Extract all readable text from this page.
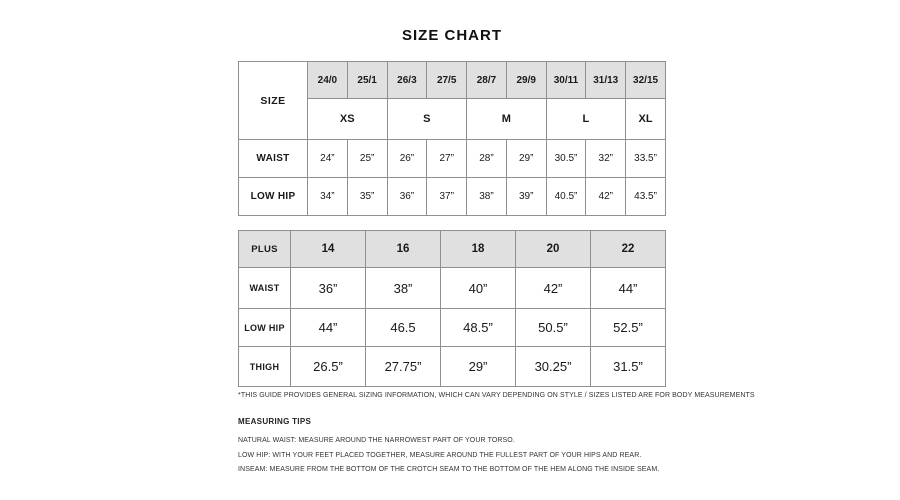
SIZE CHART
SIZE	24/0	25/1	26/3	27/5	28/7	29/9	30/11	31/13	32/15
	XS		S		M		L		XL
WAIST	24”	25”	26”	27”	28”	29”	30.5”	32”	33.5”
LOW HIP	34”	35”	36”	37”	38”	39”	40.5”	42”	43.5”
PLUS	14	16	18	20	22
WAIST	36”	38”	40”	42”	44”
LOW HIP	44”	46.5	48.5”	50.5”	52.5”
THIGH	26.5”	27.75”	29”	30.25”	31.5”
*THIS GUIDE PROVIDES GENERAL SIZING INFORMATION, WHICH CAN VARY DEPENDING ON STYLE / SIZES LISTED ARE FOR BODY MEASUREMENTS
MEASURING TIPS
NATURAL WAIST: MEASURE AROUND THE NARROWEST PART OF YOUR TORSO.
LOW HIP: WITH YOUR FEET PLACED TOGETHER, MEASURE AROUND THE FULLEST PART OF YOUR HIPS AND REAR.
INSEAM: MEASURE FROM THE BOTTOM OF THE CROTCH SEAM TO THE BOTTOM OF THE HEM ALONG THE INSIDE SEAM.
